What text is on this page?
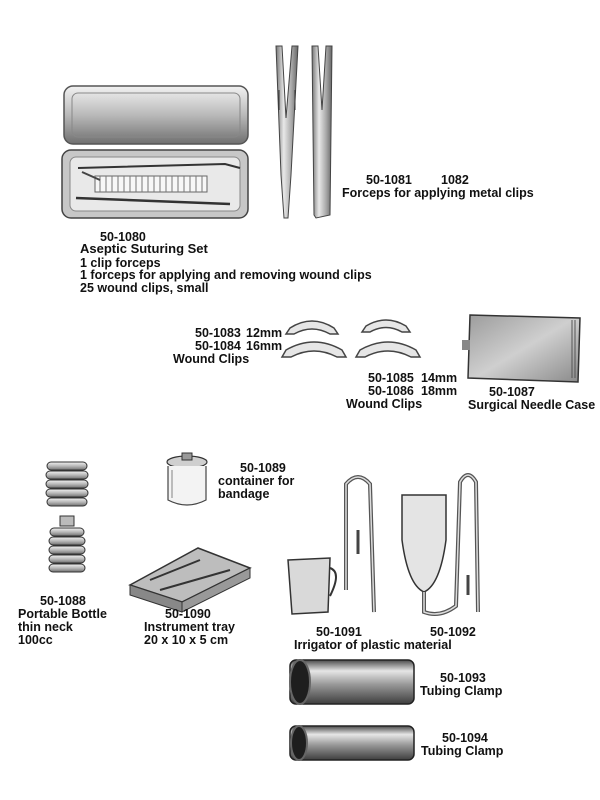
50-1080
Aseptic Suturing Set
1 clip forceps
1 forceps for applying and removing wound clips
25 wound clips, small
50-1081 1082
Forceps for applying metal clips
50-1083 12mm
50-1084 16mm
Wound Clips
50-1085 14mm
50-1086 18mm
Wound Clips
50-1087
Surgical Needle Case
50-1089
container for
bandage
50-1088
Portable Bottle
thin neck
100cc
50-1090
Instrument tray
20 x 10 x 5 cm
50-1091	50-1092
Irrigator of plastic material
50-1093
Tubing Clamp
50-1094
Tubing Clamp
